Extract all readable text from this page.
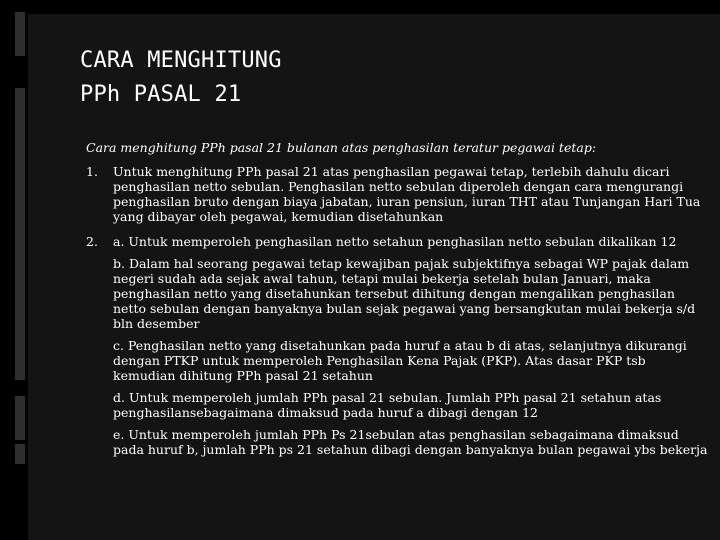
CARA MENGHITUNG
PPh PASAL 21

Cara menghitung PPh pasal 21 bulanan atas penghasilan teratur pegawai tetap:

1.	Untuk menghitung PPh pasal 21 atas penghasilan pegawai tetap, terlebih dahulu dicari penghasilan netto sebulan. Penghasilan netto sebulan diperoleh dengan cara mengurangi penghasilan bruto dengan biaya jabatan, iuran pensiun, iuran THT atau Tunjangan Hari Tua yang dibayar oleh pegawai, kemudian disetahunkan
2.	a. Untuk memperoleh penghasilan netto setahun penghasilan netto sebulan dikalikan 12
b. Dalam hal seorang pegawai tetap kewajiban pajak subjektifnya sebagai WP pajak dalam negeri sudah ada sejak awal tahun, tetapi mulai bekerja setelah bulan Januari, maka penghasilan netto yang disetahunkan tersebut dihitung dengan mengalikan penghasilan netto sebulan dengan banyaknya bulan sejak pegawai yang bersangkutan mulai bekerja s/d bln desember
c. Penghasilan netto yang disetahunkan pada huruf a atau b di atas, selanjutnya dikurangi dengan PTKP untuk memperoleh Penghasilan Kena Pajak (PKP). Atas dasar PKP tsb kemudian dihitung PPh pasal 21 setahun
d. Untuk memperoleh jumlah PPh pasal 21 sebulan. Jumlah PPh pasal 21 setahun atas penghasilansebagaimana dimaksud pada huruf a dibagi dengan 12
e. Untuk memperoleh jumlah PPh Ps 21sebulan atas penghasilan sebagaimana dimaksud pada huruf b, jumlah PPh ps 21 setahun dibagi dengan banyaknya bulan pegawai ybs bekerja
